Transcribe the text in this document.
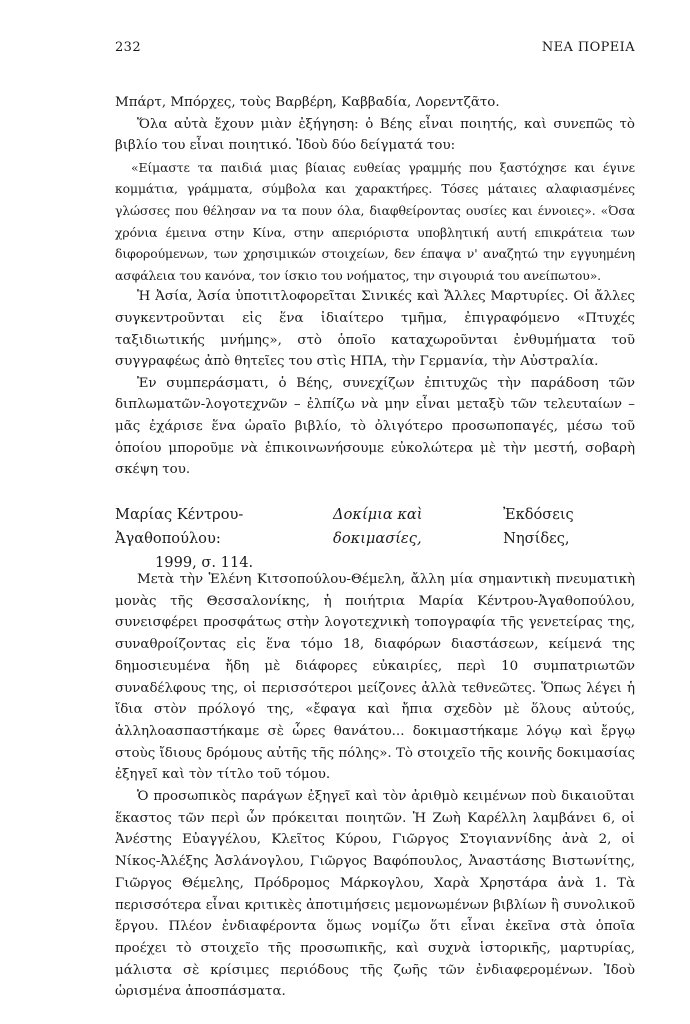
232	ΝΕΑ ΠΟΡΕΙΑ

Μπάρτ, Μπόρχες, τοὺς Βαρβέρη, Καββαδία, Λορεντζᾶτο.

Ὅλα αὐτὰ ἔχουν μιὰν ἐξήγηση: ὁ Βέης εἶναι ποιητής, καὶ συνεπῶς τὸ βιβλίο του εἶναι ποιητικό. Ἰδοὺ δύο δείγματά του:

«Είμαστε τα παιδιά μιας βίαιας ευθείας γραμμής που ξαστόχησε και έγινε κομμάτια, γράμματα, σύμβολα και χαρακτήρες. Τόσες μάταιες αλαφιασμένες γλώσσες που θέλησαν να τα πουν όλα, διαφθείροντας ουσίες και έννοιες». «Όσα χρόνια έμεινα στην Κίνα, στην απεριόριστα υποβλητική αυτή επικράτεια των διφορούμενων, των χρησιμικών στοιχείων, δεν έπαψα ν' αναζητώ την εγγυημένη ασφάλεια του κανόνα, τον ίσκιο του νοήματος, την σιγουριά του ανείπωτου».

Ἡ Ἀσία, Ἀσία ὑποτιτλοφορεῖται Σινικές καὶ Ἄλλες Μαρτυρίες. Οἱ ἄλλες συγκεντροῦνται εἰς ἕνα ἰδιαίτερο τμῆμα, ἐπιγραφόμενο «Πτυχές ταξιδιωτικής μνήμης», στὸ ὁποῖο καταχωροῦνται ἐνθυμήματα τοῦ συγγραφέως ἀπὸ θητεῖες του στὶς ΗΠΑ, τὴν Γερμανία, τὴν Αὐστραλία.

Ἐν συμπεράσματι, ὁ Βέης, συνεχίζων ἐπιτυχῶς τὴν παράδοση τῶν διπλωματῶν-λογοτεχνῶν – ἐλπίζω νὰ μην εἶναι μεταξὺ τῶν τελευταίων – μᾶς ἐχάρισε ἕνα ὡραῖο βιβλίο, τὸ ὀλιγότερο προσωποπαγές, μέσω τοῦ ὁποίου μποροῦμε νὰ ἐπικοινωνήσουμε εὐκολώτερα μὲ τὴν μεστή, σοβαρὴ σκέψη του.

Μαρίας Κέντρου-Ἀγαθοπούλου:
Δοκίμια καὶ δοκιμασίες,
Ἐκδόσεις Νησίδες,
1999, σ. 114.

Μετὰ τὴν Ἑλένη Κιτσοπούλου-Θέμελη, ἄλλη μία σημαντικὴ πνευματικὴ μονὰς τῆς Θεσσαλονίκης, ἡ ποιήτρια Μαρία Κέντρου-Ἀγαθοπούλου, συνεισφέρει προσφάτως στὴν λογοτεχνικὴ τοπογραφία τῆς γενετείρας της, συναθροίζοντας εἰς ἕνα τόμο 18, διαφόρων διαστάσεων, κείμενά της δημοσιευμένα ἤδη μὲ διάφορες εὐκαιρίες, περὶ 10 συμπατριωτῶν συναδέλφους της, οἱ περισσότεροι μείζονες ἀλλὰ τεθνεῶτες. Ὅπως λέγει ἡ ἴδια στὸν πρόλογό της, «ἔφαγα καὶ ἤπια σχεδὸν μὲ ὅλους αὐτούς, ἀλληλοασπαστήκαμε σὲ ὧρες θανάτου... δοκιμαστήκαμε λόγῳ καὶ ἔργῳ στοὺς ἴδιους δρόμους αὐτῆς τῆς πόλης». Τὸ στοιχεῖο τῆς κοινῆς δοκιμασίας ἐξηγεῖ καὶ τὸν τίτλο τοῦ τόμου.

Ὁ προσωπικὸς παράγων ἐξηγεῖ καὶ τὸν ἀριθμὸ κειμένων ποὺ δικαιοῦται ἕκαστος τῶν περὶ ὧν πρόκειται ποιητῶν. Ἡ Ζωὴ Καρέλλη λαμβάνει 6, οἱ Ἀνέστης Εὐαγγέλου, Κλεῖτος Κύρου, Γιῶργος Στογιαννίδης ἀνὰ 2, οἱ Νίκος-Ἀλέξης Ἀσλάνογλου, Γιῶργος Βαφόπουλος, Ἀναστάσης Βιστωνίτης, Γιῶργος Θέμελης, Πρόδρομος Μάρκογλου, Χαρὰ Χρηστάρα ἀνὰ 1. Τὰ περισσότερα εἶναι κριτικὲς ἀποτιμήσεις μεμονωμένων βιβλίων ἢ συνολικοῦ ἔργου. Πλέον ἐνδιαφέροντα ὅμως νομίζω ὅτι εἶναι ἐκεῖνα στὰ ὁποῖα προέχει τὸ στοιχεῖο τῆς προσωπικῆς, καὶ συχνὰ ἱστορικῆς, μαρτυρίας, μάλιστα σὲ κρίσιμες περιόδους τῆς ζωῆς τῶν ἐνδιαφερομένων. Ἰδοὺ ὡρισμένα ἀποσπάσματα.
